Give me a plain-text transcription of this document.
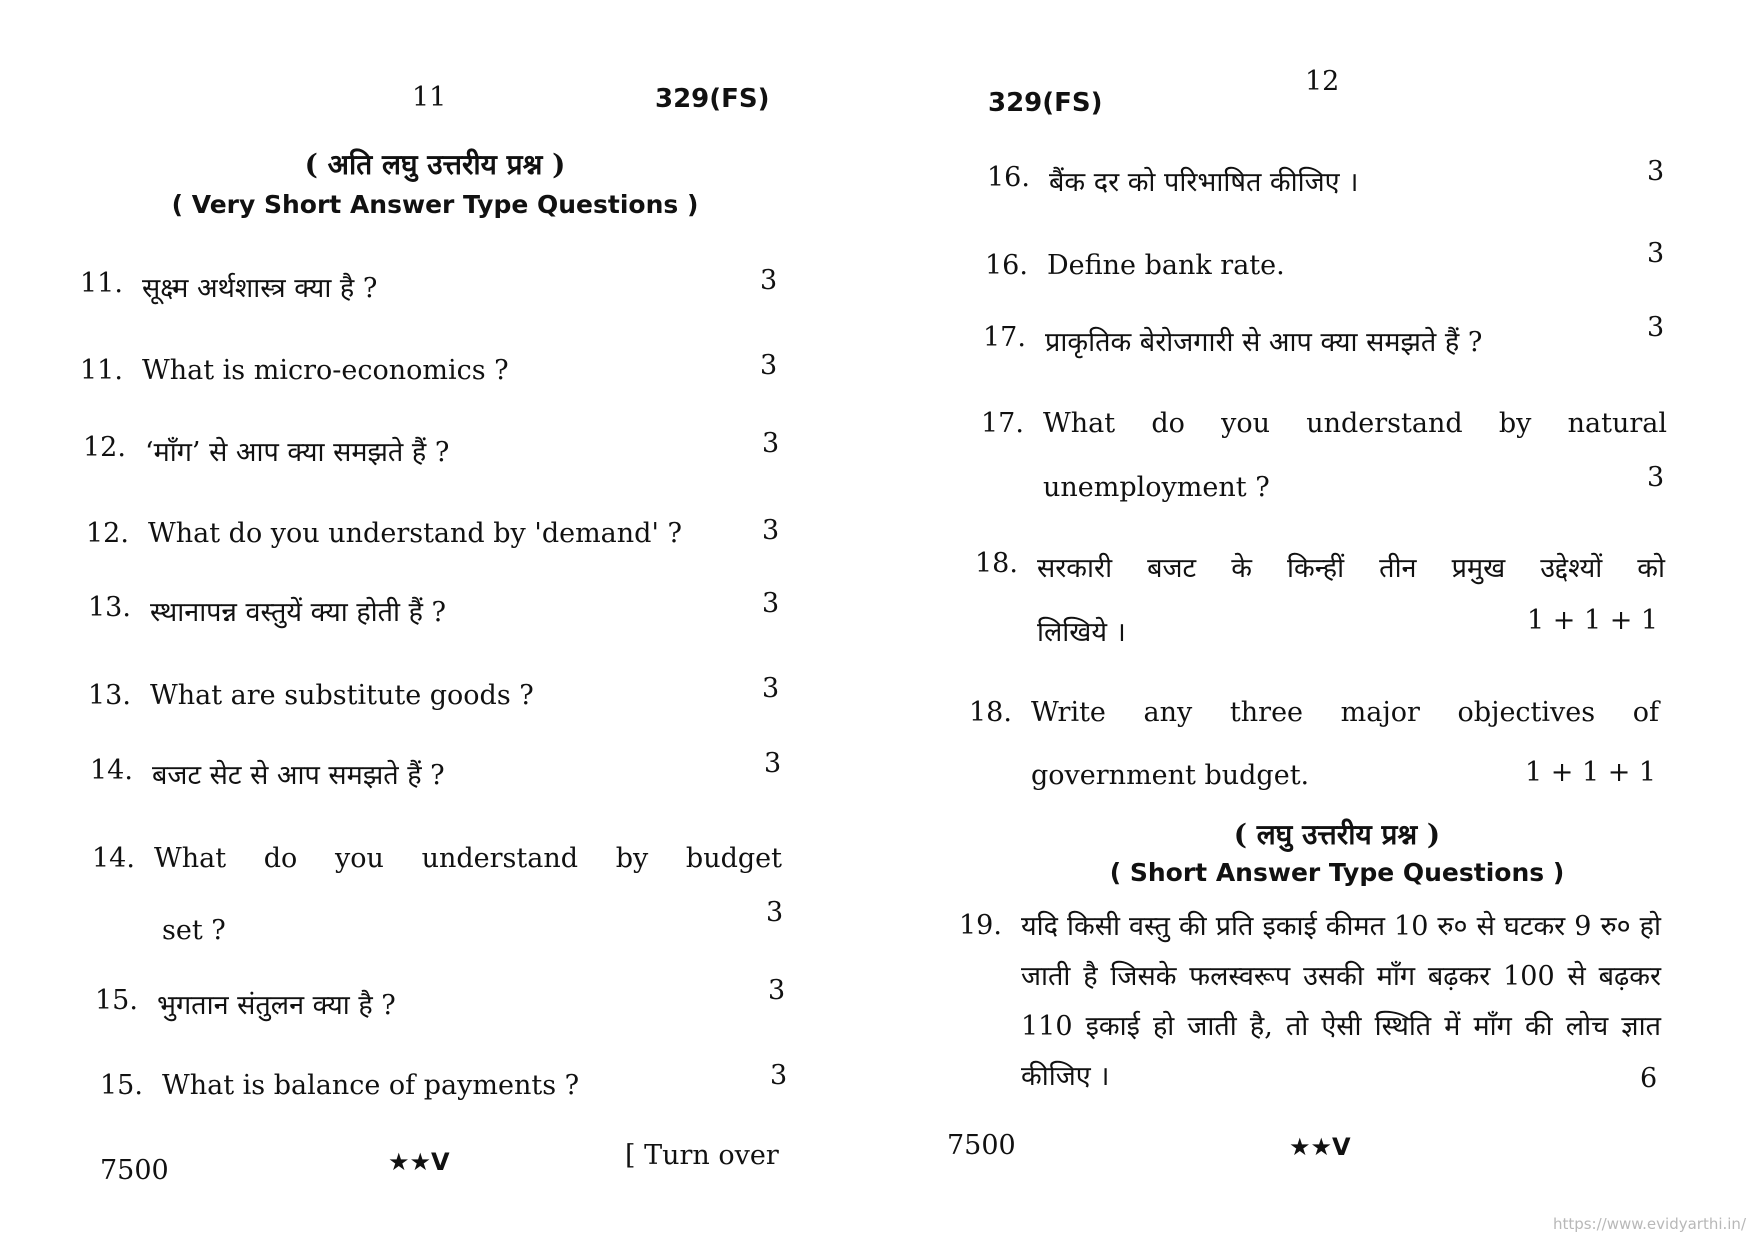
11	329(FS)
( अति लघु उत्तरीय प्रश्न )
( Very Short Answer Type Questions )
11. सूक्ष्म अर्थशास्त्र क्या है ?	3
11. What is micro-economics ?	3
12. ‘माँग’ से आप क्या समझते हैं ?	3
12. What do you understand by 'demand' ?	3
13. स्थानापन्न वस्तुयें क्या होती हैं ?	3
13. What are substitute goods ?	3
14. बजट सेट से आप समझते हैं ?	3
14. What do you understand by budget
set ?
3
15. भुगतान संतुलन क्या है ?	3
15. What is balance of payments ?	3
7500	★★V	[ Turn over
12
329(FS)
16. बैंक दर को परिभाषित कीजिए ।	3
16. Define bank rate.	3
17. प्राकृतिक बेरोजगारी से आप क्या समझते हैं ?	3
17. What do you understand by natural
unemployment ?	3
18. सरकारी बजट के किन्हीं तीन प्रमुख उद्देश्यों को
लिखिये ।	1 + 1 + 1
18. Write any three major objectives of
government budget.	1 + 1 + 1
( लघु उत्तरीय प्रश्न )
( Short Answer Type Questions )
19. यदि किसी वस्तु की प्रति इकाई कीमत 10 रु० से घटकर 9 रु० हो जाती है जिसके फलस्वरूप उसकी माँग बढ़कर 100 से बढ़कर 110 इकाई हो जाती है, तो ऐसी स्थिति में माँग की लोच ज्ञात कीजिए ।	6
7500	★★V
https://www.evidyarthi.in/
